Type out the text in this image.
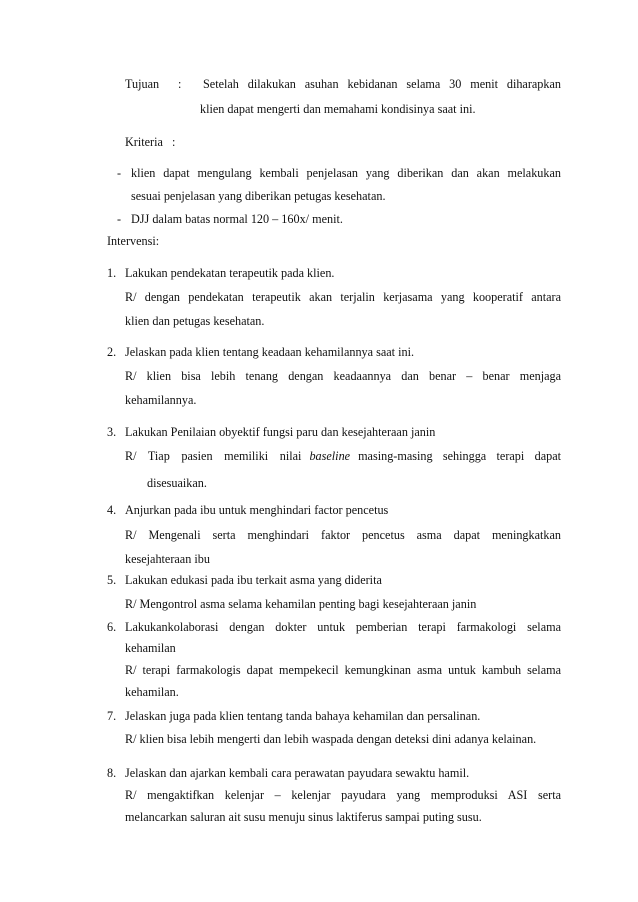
Tujuan : Setelah dilakukan asuhan kebidanan selama 30 menit diharapkan
klien dapat mengerti dan memahami kondisinya saat ini.
Kriteria :
- klien dapat mengulang kembali penjelasan yang diberikan dan akan melakukan
sesuai penjelasan yang diberikan petugas kesehatan.
- DJJ dalam batas normal 120 – 160x/ menit.
Intervensi:
1. Lakukan pendekatan terapeutik pada klien.
R/ dengan pendekatan terapeutik akan terjalin kerjasama yang kooperatif antara
klien dan petugas kesehatan.
2. Jelaskan pada klien tentang keadaan kehamilannya saat ini.
R/ klien bisa lebih tenang dengan keadaannya dan benar – benar menjaga
kehamilannya.
3. Lakukan Penilaian obyektif fungsi paru dan kesejahteraan janin
R/ Tiap pasien memiliki nilai baseline masing-masing sehingga terapi dapat
disesuaikan.
4. Anjurkan pada ibu untuk menghindari factor pencetus
R/ Mengenali serta menghindari faktor pencetus asma dapat meningkatkan
kesejahteraan ibu
5. Lakukan edukasi pada ibu terkait asma yang diderita
R/ Mengontrol asma selama kehamilan penting bagi kesejahteraan janin
6. Lakukankolaborasi dengan dokter untuk pemberian terapi farmakologi selama
kehamilan
R/ terapi farmakologis dapat mempekecil kemungkinan asma untuk kambuh selama
kehamilan.
7. Jelaskan juga pada klien tentang tanda bahaya kehamilan dan persalinan.
R/ klien bisa lebih mengerti dan lebih waspada dengan deteksi dini adanya kelainan.
8. Jelaskan dan ajarkan kembali cara perawatan payudara sewaktu hamil.
R/ mengaktifkan kelenjar – kelenjar payudara yang memproduksi ASI serta
melancarkan saluran ait susu menuju sinus laktiferus sampai puting susu.
